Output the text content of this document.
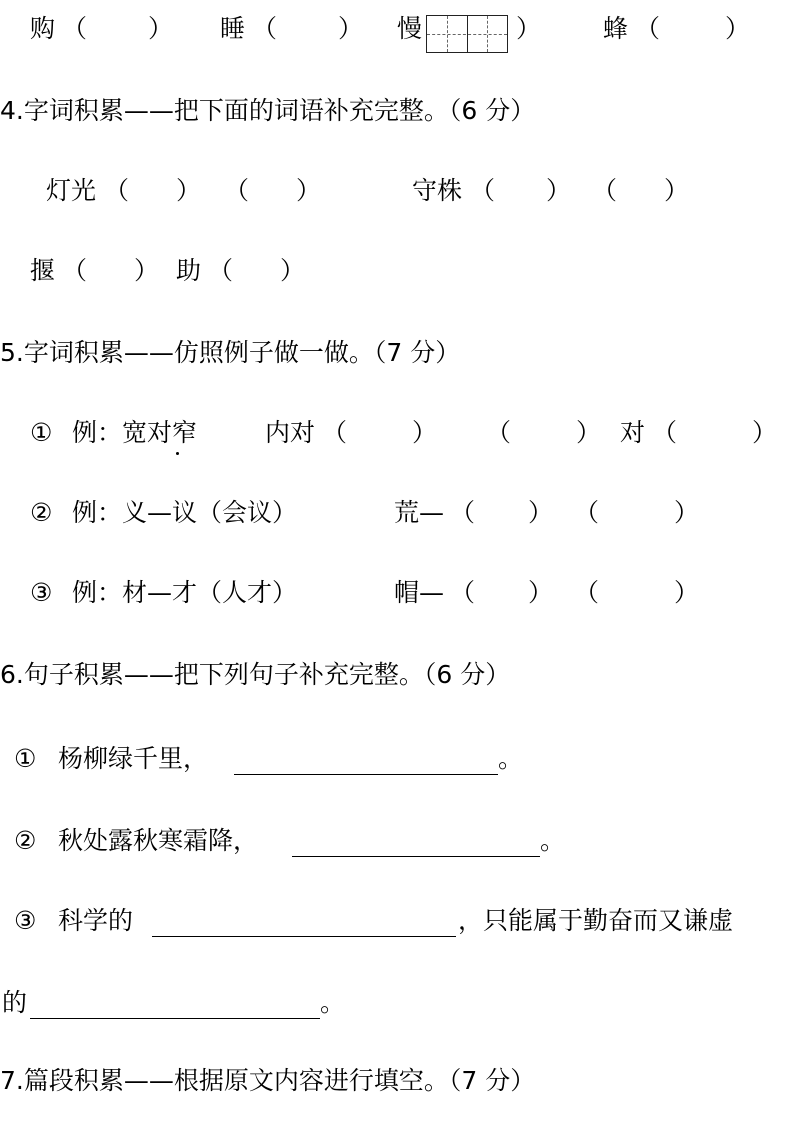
购 （ ） 睡 （ ） 慢	） 蜂 （	）
4.字词积累——把下面的词语补充完整。（6 分）
灯光 （ ） （ ）	守株 （ ） （ ）
揠 （ ） 助 （ ）
5.字词积累——仿照例子做一做。（7 分）
① 例：宽对窄	内对 （	） （	） 对 （	）
② 例：义—议（会议）	荒— （ ） （	）
③ 例：材—才（人才）	帽— （ ） （	）
6.句子积累——把下列句子补充完整。（6 分）
① 杨柳绿千里，	。
② 秋处露秋寒霜降，	。
③ 科学的	，只能属于勤奋而又谦虚
的	。
7.篇段积累——根据原文内容进行填空。（7 分）
